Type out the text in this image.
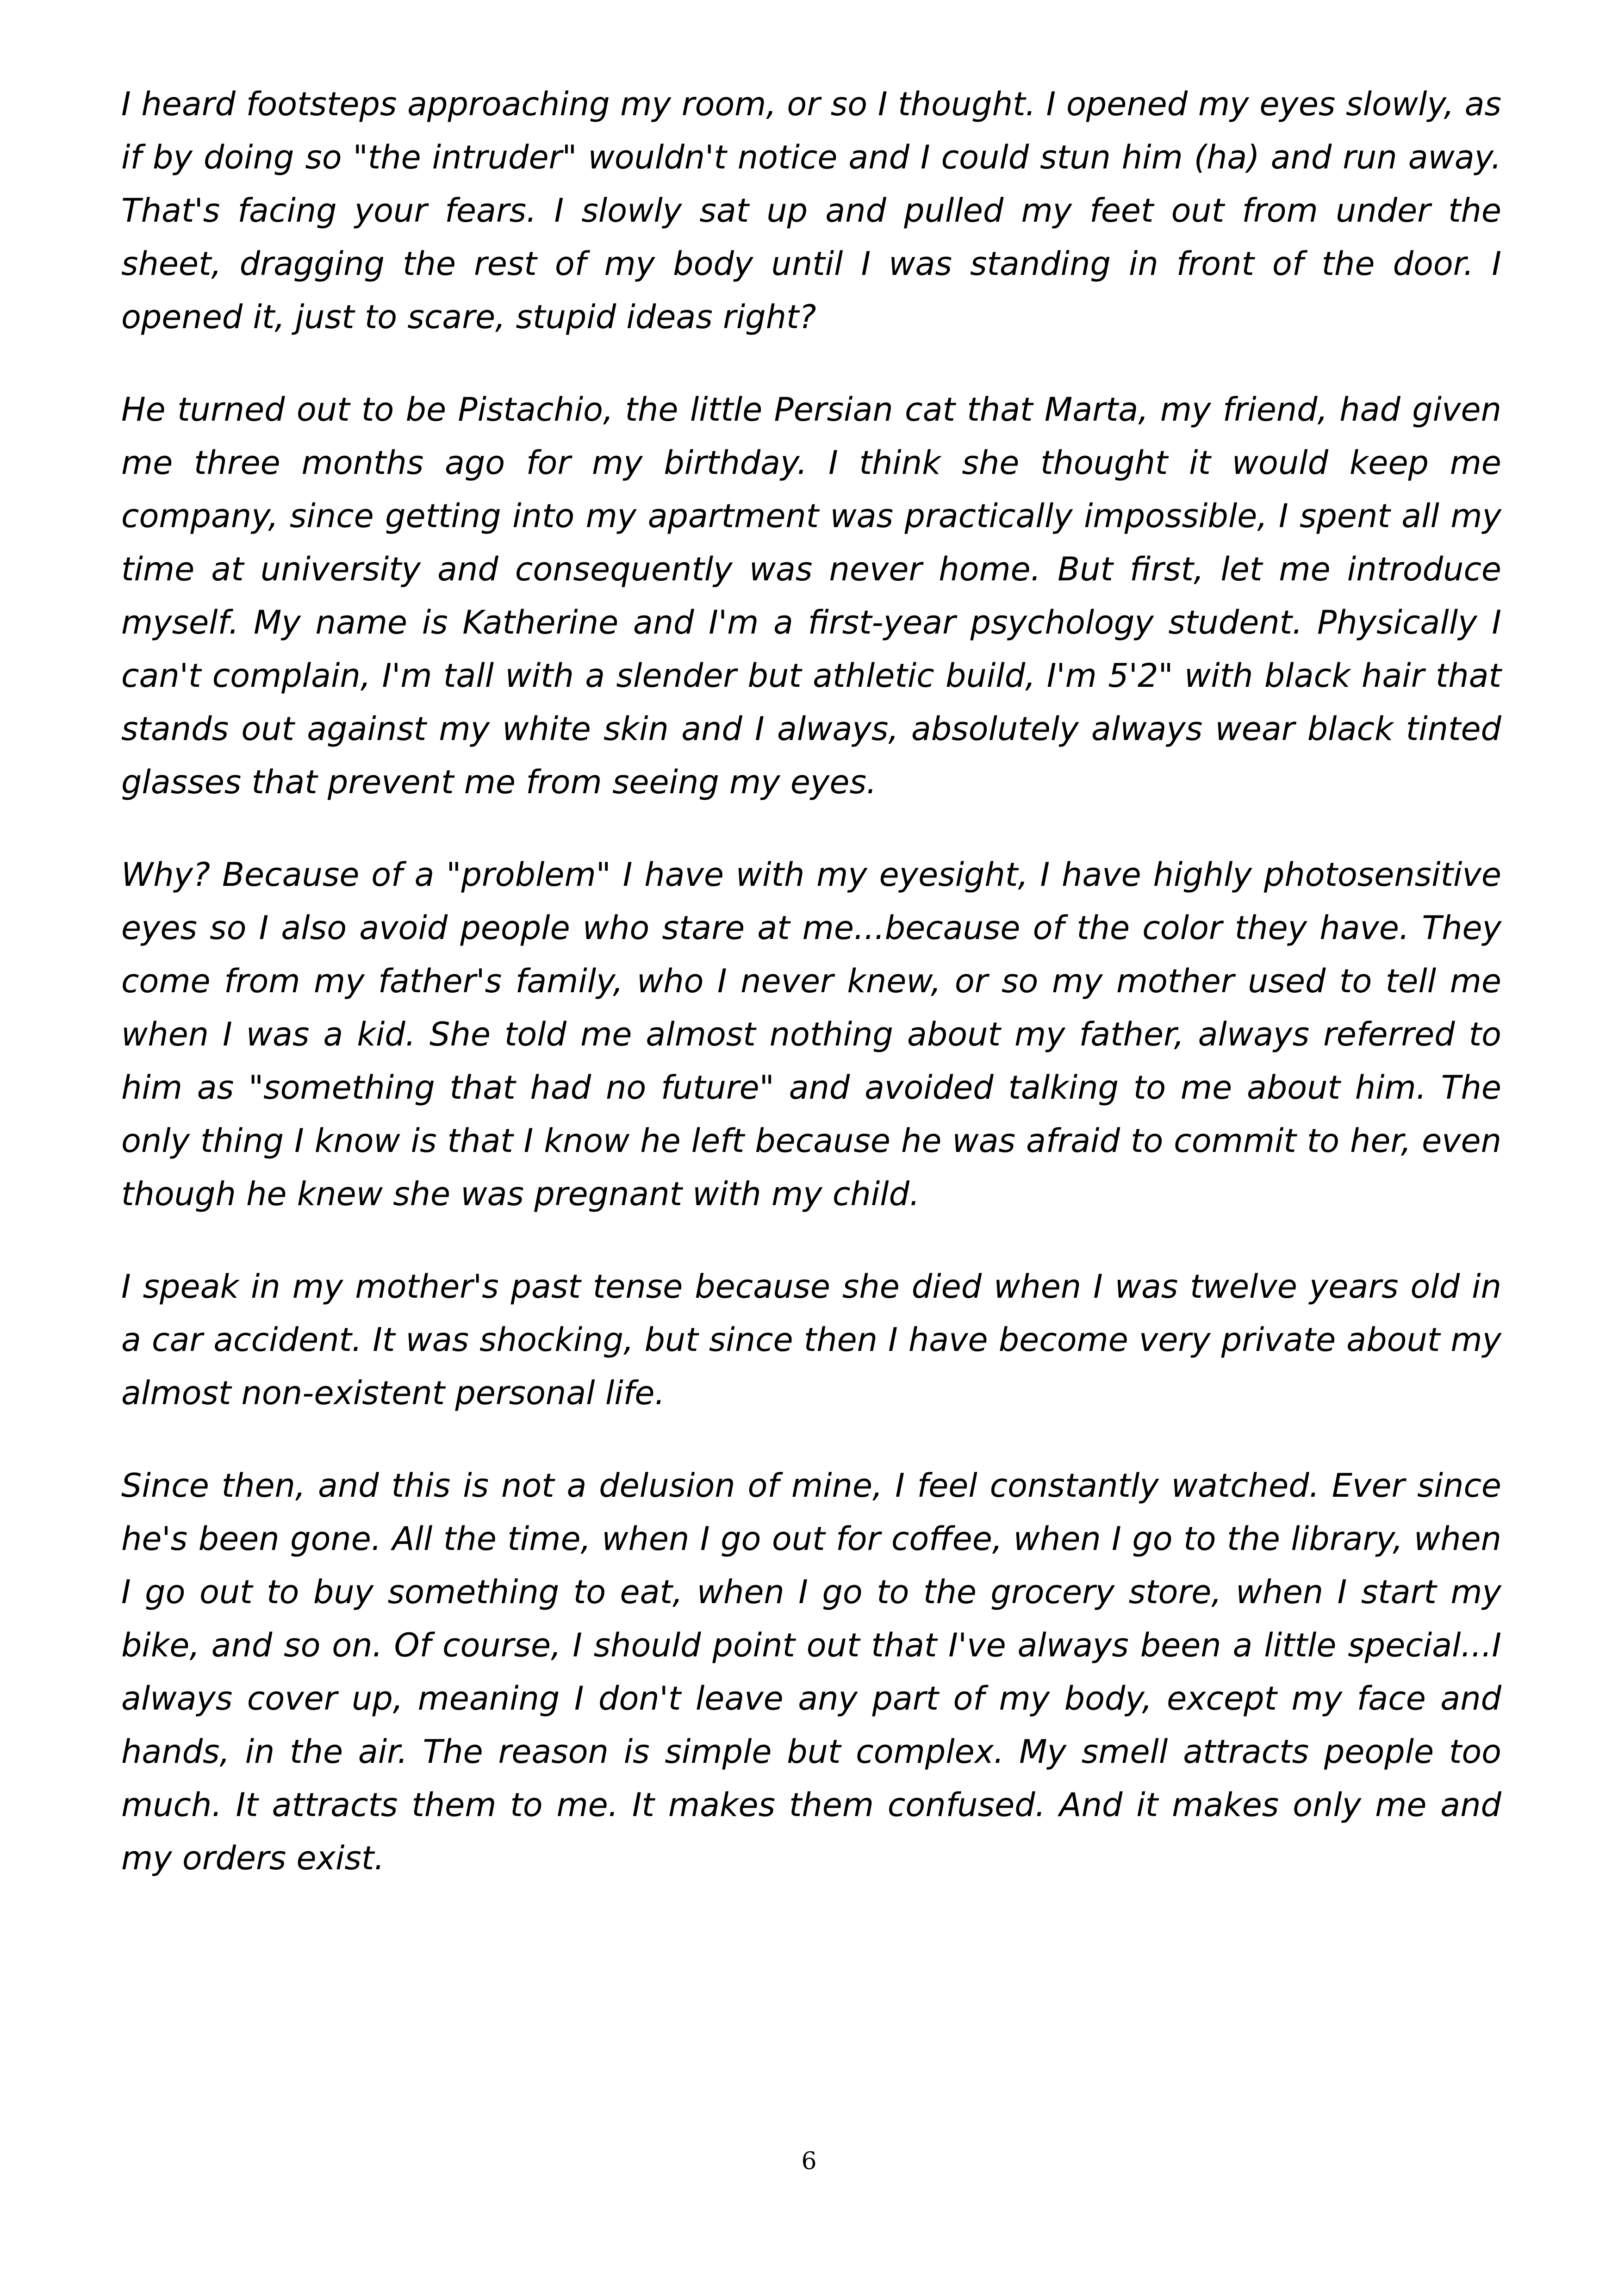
I heard footsteps approaching my room, or so I thought. I opened my eyes slowly, as if by doing so "the intruder" wouldn't notice and I could stun him (ha) and run away. That's facing your fears. I slowly sat up and pulled my feet out from under the sheet, dragging the rest of my body until I was standing in front of the door. I opened it, just to scare, stupid ideas right?

He turned out to be Pistachio, the little Persian cat that Marta, my friend, had given me three months ago for my birthday. I think she thought it would keep me company, since getting into my apartment was practically impossible, I spent all my time at university and consequently was never home. But first, let me introduce myself. My name is Katherine and I'm a first-year psychology student. Physically I can't complain, I'm tall with a slender but athletic build, I'm 5'2" with black hair that stands out against my white skin and I always, absolutely always wear black tinted glasses that prevent me from seeing my eyes.

Why? Because of a "problem" I have with my eyesight, I have highly photosensitive eyes so I also avoid people who stare at me...because of the color they have. They come from my father's family, who I never knew, or so my mother used to tell me when I was a kid. She told me almost nothing about my father, always referred to him as "something that had no future" and avoided talking to me about him. The only thing I know is that I know he left because he was afraid to commit to her, even though he knew she was pregnant with my child.

I speak in my mother's past tense because she died when I was twelve years old in a car accident. It was shocking, but since then I have become very private about my almost non-existent personal life.

Since then, and this is not a delusion of mine, I feel constantly watched. Ever since he's been gone. All the time, when I go out for coffee, when I go to the library, when I go out to buy something to eat, when I go to the grocery store, when I start my bike, and so on. Of course, I should point out that I've always been a little special...I always cover up, meaning I don't leave any part of my body, except my face and hands, in the air. The reason is simple but complex. My smell attracts people too much. It attracts them to me. It makes them confused. And it makes only me and my orders exist.

6
